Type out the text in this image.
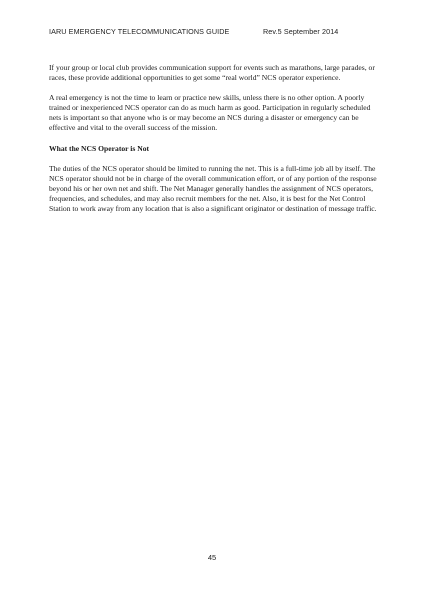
IARU EMERGENCY TELECOMMUNICATIONS GUIDE	Rev.5 September 2014

If your group or local club provides communication support for events such as marathons, large parades, or races, these provide additional opportunities to get some “real world” NCS operator experience.

A real emergency is not the time to learn or practice new skills, unless there is no other option. A poorly trained or inexperienced NCS operator can do as much harm as good. Participation in regularly scheduled nets is important so that anyone who is or may become an NCS during a disaster or emergency can be effective and vital to the overall success of the mission.

What the NCS Operator is Not

The duties of the NCS operator should be limited to running the net. This is a full-time job all by itself. The NCS operator should not be in charge of the overall communication effort, or of any portion of the response beyond his or her own net and shift. The Net Manager generally handles the assignment of NCS operators, frequencies, and schedules, and may also recruit members for the net. Also, it is best for the Net Control Station to work away from any location that is also a significant originator or destination of message traffic.

45
